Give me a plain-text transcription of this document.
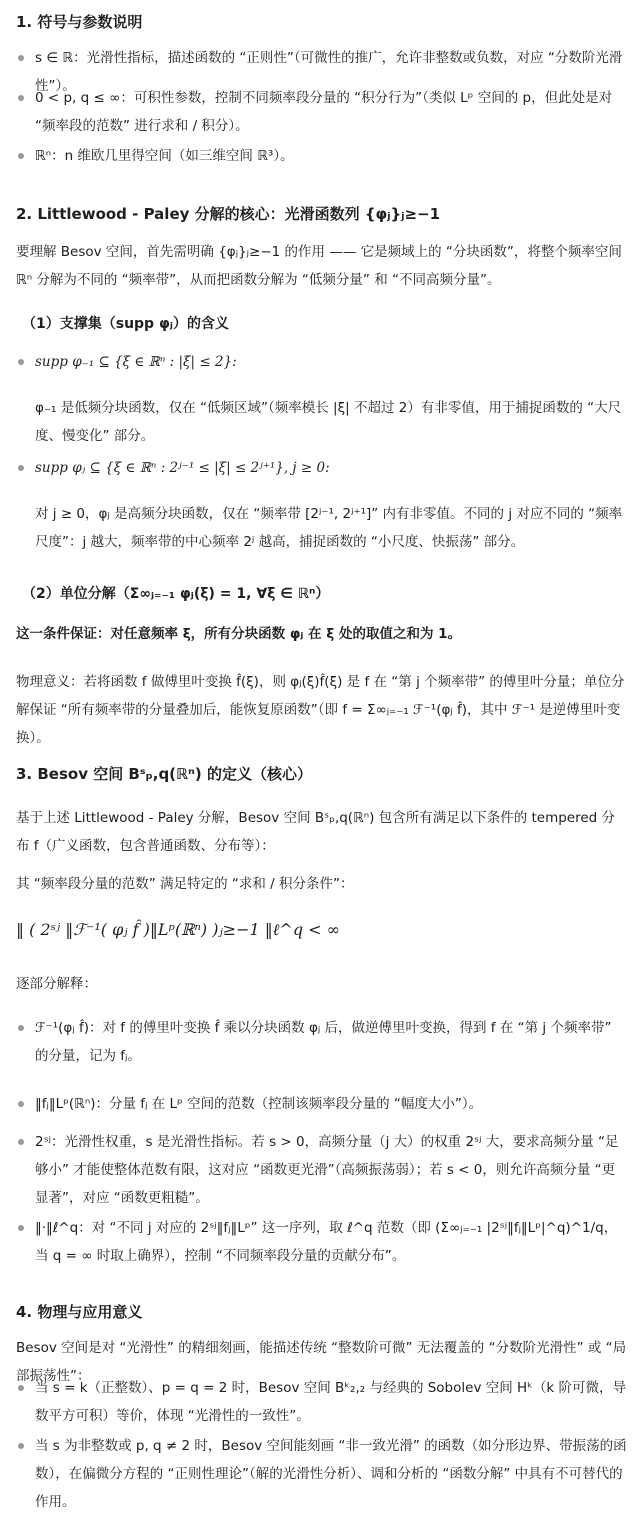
1. 符号与参数说明

s ∈ ℝ：光滑性指标，描述函数的 “正则性”（可微性的推广，允许非整数或负数，对应 “分数阶光滑性”）。

0 < p, q ≤ ∞：可积性参数，控制不同频率段分量的 “积分行为”（类似 Lᵖ 空间的 p，但此处是对 “频率段的范数” 进行求和 / 积分）。

ℝⁿ：n 维欧几里得空间（如三维空间 ℝ³）。

2. Littlewood - Paley 分解的核心：光滑函数列 {φⱼ}ⱼ≥−1

要理解 Besov 空间，首先需明确 {φⱼ}ⱼ≥−1 的作用 —— 它是频域上的 “分块函数”，将整个频率空间 ℝⁿ 分解为不同的 “频率带”，从而把函数分解为 “低频分量” 和 “不同高频分量”。

（1）支撑集（supp φⱼ）的含义

supp φ₋₁ ⊆ {ξ ∈ ℝⁿ : |ξ| ≤ 2}:

φ₋₁ 是低频分块函数，仅在 “低频区域”（频率模长 |ξ| 不超过 2）有非零值，用于捕捉函数的 “大尺度、慢变化” 部分。

supp φⱼ ⊆ {ξ ∈ ℝⁿ : 2ʲ⁻¹ ≤ |ξ| ≤ 2ʲ⁺¹}, j ≥ 0:

对 j ≥ 0，φⱼ 是高频分块函数，仅在 “频率带 [2ʲ⁻¹, 2ʲ⁺¹]” 内有非零值。不同的 j 对应不同的 “频率尺度”：j 越大，频率带的中心频率 2ʲ 越高，捕捉函数的 “小尺度、快振荡” 部分。

（2）单位分解（Σ∞ⱼ₌₋₁ φⱼ(ξ) = 1, ∀ξ ∈ ℝⁿ）

这一条件保证：对任意频率 ξ，所有分块函数 φⱼ 在 ξ 处的取值之和为 1。

物理意义：若将函数 f 做傅里叶变换 f̂(ξ)，则 φⱼ(ξ)f̂(ξ) 是 f 在 “第 j 个频率带” 的傅里叶分量；单位分解保证 “所有频率带的分量叠加后，能恢复原函数”（即 f = Σ∞ⱼ₌₋₁ ℱ⁻¹(φⱼ f̂)，其中 ℱ⁻¹ 是逆傅里叶变换）。

3. Besov 空间 Bˢₚ,q(ℝⁿ) 的定义（核心）

基于上述 Littlewood - Paley 分解，Besov 空间 Bˢₚ,q(ℝⁿ) 包含所有满足以下条件的 tempered 分布 f（广义函数，包含普通函数、分布等）：

其 “频率段分量的范数” 满足特定的 “求和 / 积分条件”：

‖ ( 2ˢʲ ‖ℱ⁻¹( φⱼ f̂ )‖Lᵖ(ℝⁿ) )ⱼ≥−1 ‖ℓ^q < ∞

逐部分解释：

ℱ⁻¹(φⱼ f̂)：对 f 的傅里叶变换 f̂ 乘以分块函数 φⱼ 后，做逆傅里叶变换，得到 f 在 “第 j 个频率带” 的分量，记为 fⱼ。

‖fⱼ‖Lᵖ(ℝⁿ)：分量 fⱼ 在 Lᵖ 空间的范数（控制该频率段分量的 “幅度大小”）。

2ˢʲ：光滑性权重，s 是光滑性指标。若 s > 0，高频分量（j 大）的权重 2ˢʲ 大，要求高频分量 “足够小” 才能使整体范数有限，这对应 “函数更光滑”（高频振荡弱）；若 s < 0，则允许高频分量 “更显著”，对应 “函数更粗糙”。

‖·‖ℓ^q：对 “不同 j 对应的 2ˢʲ‖fⱼ‖Lᵖ” 这一序列，取 ℓ^q 范数（即 (Σ∞ⱼ₌₋₁ |2ˢʲ‖fⱼ‖Lᵖ|^q)^1/q，当 q = ∞ 时取上确界），控制 “不同频率段分量的贡献分布”。

4. 物理与应用意义

Besov 空间是对 “光滑性” 的精细刻画，能描述传统 “整数阶可微” 无法覆盖的 “分数阶光滑性” 或 “局部振荡性”：

当 s = k（正整数）、p = q = 2 时，Besov 空间 Bᵏ₂,₂ 与经典的 Sobolev 空间 Hᵏ（k 阶可微，导数平方可积）等价，体现 “光滑性的一致性”。

当 s 为非整数或 p, q ≠ 2 时，Besov 空间能刻画 “非一致光滑” 的函数（如分形边界、带振荡的函数），在偏微分方程的 “正则性理论”（解的光滑性分析）、调和分析的 “函数分解” 中具有不可替代的作用。
